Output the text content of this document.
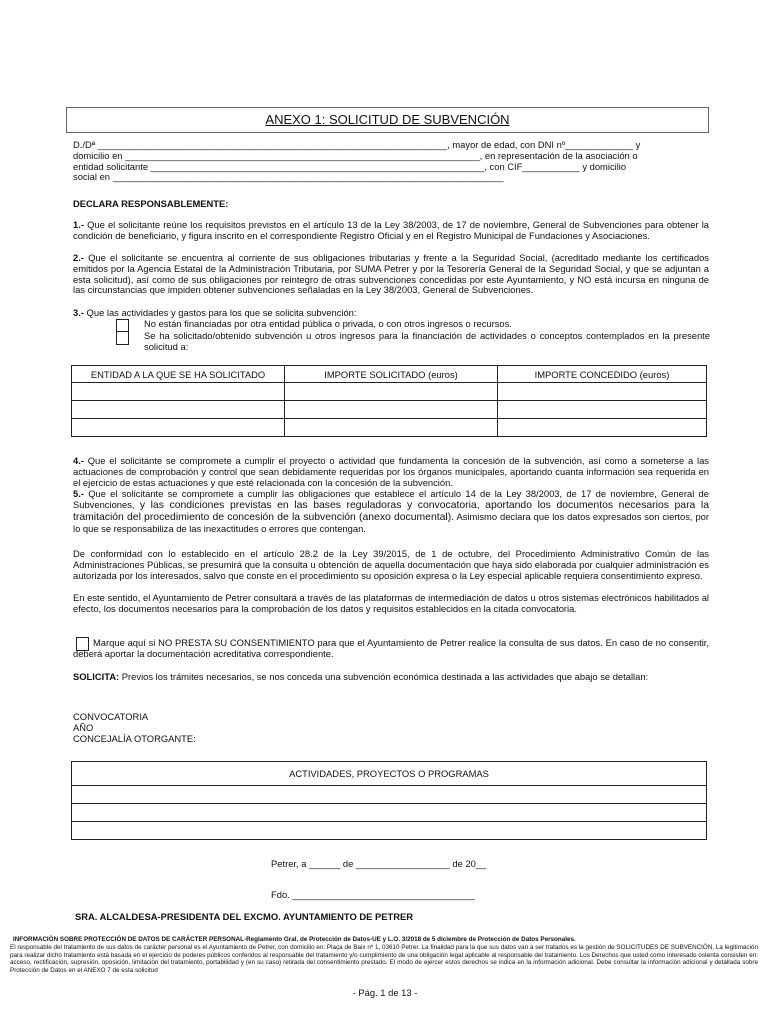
ANEXO 1: SOLICITUD DE SUBVENCIÓN
D./Dª ___________________________________________________________________, mayor de edad, con DNI nº_____________ y
domicilio en ____________________________________________________________________, en representación de la asociación o
entidad solicitante ________________________________________________________________, con CIF___________ y domicilio
social en ___________________________________________________________________________
DECLARA RESPONSABLEMENTE:
1.- Que el solicitante reúne los requisitos previstos en el artículo 13 de la Ley 38/2003, de 17 de noviembre, General de Subvenciones para obtener la condición de beneficiario, y figura inscrito en el correspondiente Registro Oficial y en el Registro Municipal de Fundaciones y Asociaciones.
2.- Que el solicitante se encuentra al corriente de sus obligaciones tributarias y frente a la Seguridad Social, (acreditado mediante los certificados emitidos por la Agencia Estatal de la Administración Tributaria, por SUMA Petrer y por la Tesorería General de la Seguridad Social, y que se adjuntan a esta solicitud), así como de sus obligaciones por reintegro de otras subvenciones concedidas por este Ayuntamiento, y NO está incursa en ninguna de las circunstancias que impiden obtener subvenciones señaladas en la Ley 38/2003, General de Subvenciones.
3.- Que las actividades y gastos para los que se solicita subvención:
No están financiadas por otra entidad pública o privada, o con otros ingresos o recursos.
Se ha solicitado/obtenido subvención u otros ingresos para la financiación de actividades o conceptos contemplados en la presente solicitud a:
ENTIDAD A LA QUE SE HA SOLICITADO	IMPORTE SOLICITADO (euros)	IMPORTE CONCEDIDO (euros)

4.- Que el solicitante se compromete a cumplir el proyecto o actividad que fundamenta la concesión de la subvención, así como a someterse a las actuaciones de comprobación y control que sean debidamente requeridas por los órganos municipales, aportando cuanta información sea requerida en el ejercicio de estas actuaciones y que esté relacionada con la concesión de la subvención.
5.- Que el solicitante se compromete a cumplir las obligaciones que establece el artículo 14 de la Ley 38/2003, de 17 de noviembre, General de Subvenciones, y las condiciones previstas en las bases reguladoras y convocatoria, aportando los documentos necesarios para la tramitación del procedimiento de concesión de la subvención (anexo documental). Asimismo declara que los datos expresados son ciertos, por lo que se responsabiliza de las inexactitudes o errores que contengan.
De conformidad con lo establecido en el artículo 28.2 de la Ley 39/2015, de 1 de octubre, del Procedimiento Administrativo Común de las Administraciones Públicas, se presumirá que la consulta u obtención de aquella documentación que haya sido elaborada por cualquier administración es autorizada por los interesados, salvo que conste en el procedimiento su oposición expresa o la Ley especial aplicable requiera consentimiento expreso.
En este sentido, el Ayuntamiento de Petrer consultará a través de las plataformas de intermediación de datos u otros sistemas electrónicos habilitados al efecto, los documentos necesarios para la comprobación de los datos y requisitos establecidos en la citada convocatoria.
Marque aquí si NO PRESTA SU CONSENTIMIENTO para que el Ayuntamiento de Petrer realice la consulta de sus datos. En caso de no consentir, deberá aportar la documentación acreditativa correspondiente.
SOLICITA: Previos los trámites necesarios, se nos conceda una subvención económica destinada a las actividades que abajo se detallan:
CONVOCATORIA
AÑO
CONCEJALÍA OTORGANTE:
ACTIVIDADES, PROYECTOS O PROGRAMAS

Petrer, a ______ de __________________ de 20__
Fdo. ___________________________________
SRA. ALCALDESA-PRESIDENTA DEL EXCMO. AYUNTAMIENTO DE PETRER
INFORMACIÓN SOBRE PROTECCIÓN DE DATOS DE CARÁCTER PERSONAL-Reglamento Gral. de Protección de Datos-UE y L.O. 3/2018 de 5 diciembre de Protección de Datos Personales.
El responsable del tratamiento de sus datos de carácter personal es el Ayuntamiento de Petrer, con domicilio en: Plaça de Baix nº 1, 03610 Petrer. La finalidad para la que sus datos van a ser tratados es la gestión de SOLICITUDES DE SUBVENCIÓN. La legitimación para realizar dicho tratamiento está basada en el ejercicio de poderes públicos conferidos al responsable del tratamiento y/o cumplimiento de una obligación legal aplicable al responsable del tratamiento. Los Derechos que usted como interesado ostenta consisten en: acceso, rectificación, supresión, oposición, limitación del tratamiento, portabilidad y (en su caso) retirada del consentimiento prestado. El modo de ejercer estos derechos se indica en la información adicional. Debe consultar la información adicional y detallada sobre Protección de Datos en el ANEXO 7 de esta solicitud
- Pág. 1 de 13 -
